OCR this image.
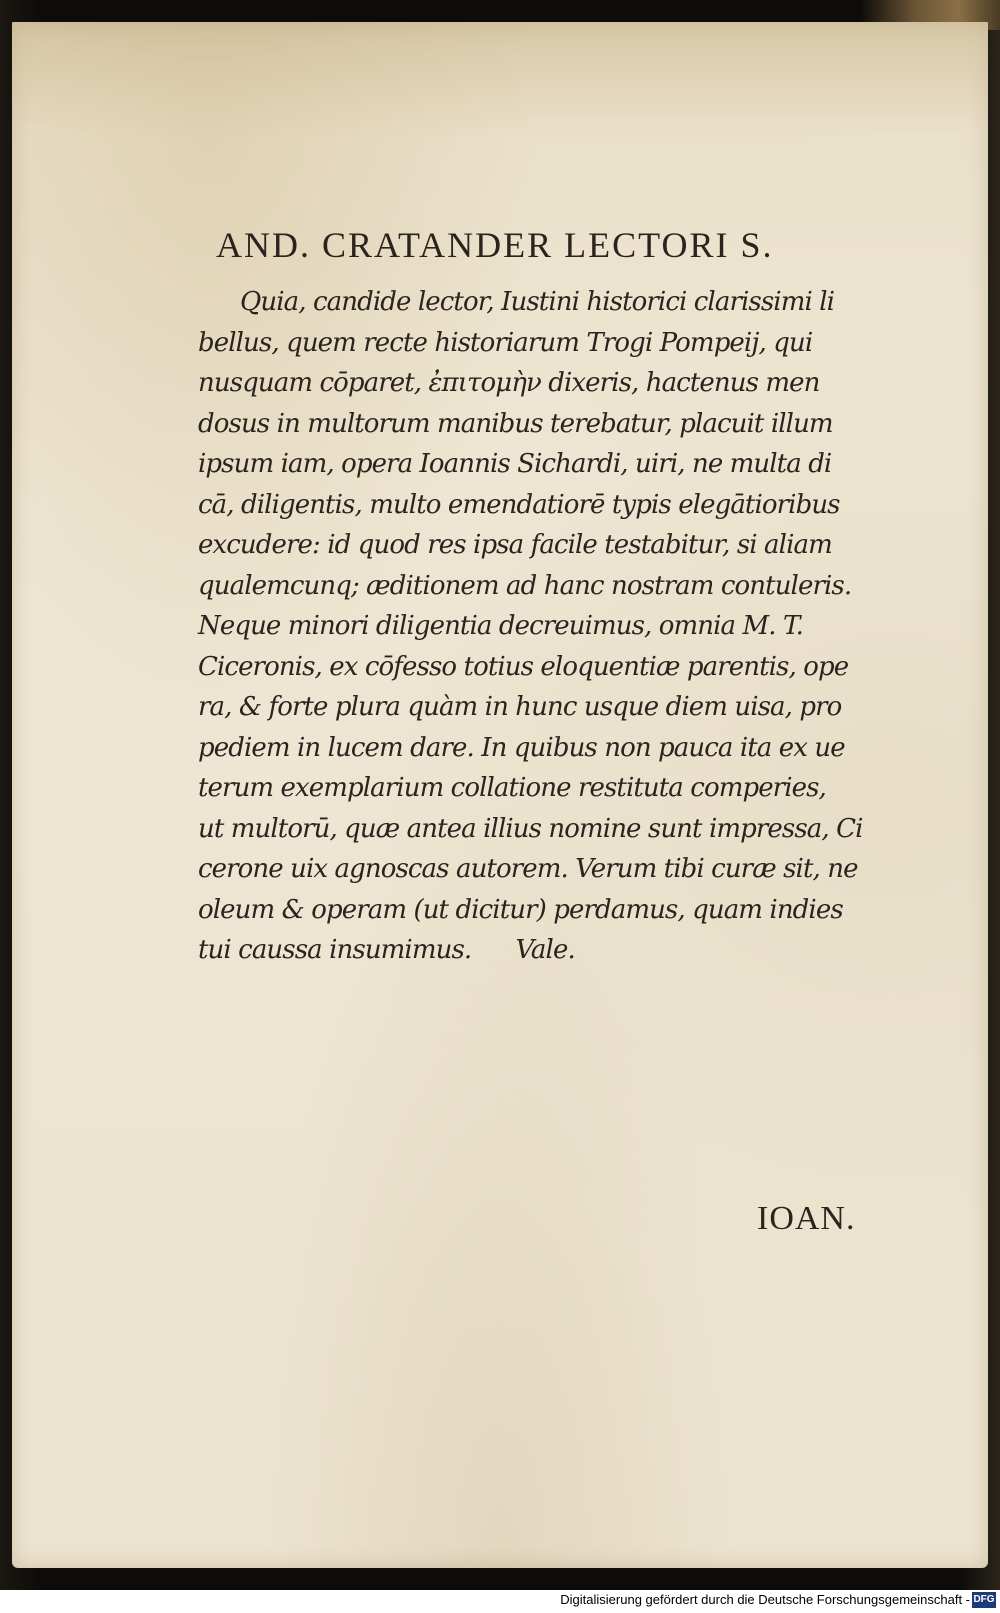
AND. CRATANDER LECTORI S.
Quia, candide lector, Iustini historici clarissimi li
bellus, quem recte historiarum Trogi Pompeij, qui
nusquam cōparet, ἐπιτομὴν dixeris, hactenus men
dosus in multorum manibus terebatur, placuit illum
ipsum iam, opera Ioannis Sichardi, uiri, ne multa di
cā, diligentis, multo emendatiorē typis elegātioribus
excudere: id quod res ipsa facile testabitur, si aliam
qualemcunq; æditionem ad hanc nostram contuleris.
Neque minori diligentia decreuimus, omnia M. T.
Ciceronis, ex cōfesso totius eloquentiæ parentis, ope
ra, & forte plura quàm in hunc usque diem uisa, pro
pediem in lucem dare. In quibus non pauca ita ex ue
terum exemplarium collatione restituta comperies,
ut multorū, quæ antea illius nomine sunt impressa, Ci
cerone uix agnoscas autorem. Verum tibi curæ sit, ne
oleum & operam (ut dicitur) perdamus, quam indies
tui caussa insumimus.      Vale.
IOAN.
Digitalisierung gefördert durch die Deutsche Forschungsgemeinschaft - DFG
